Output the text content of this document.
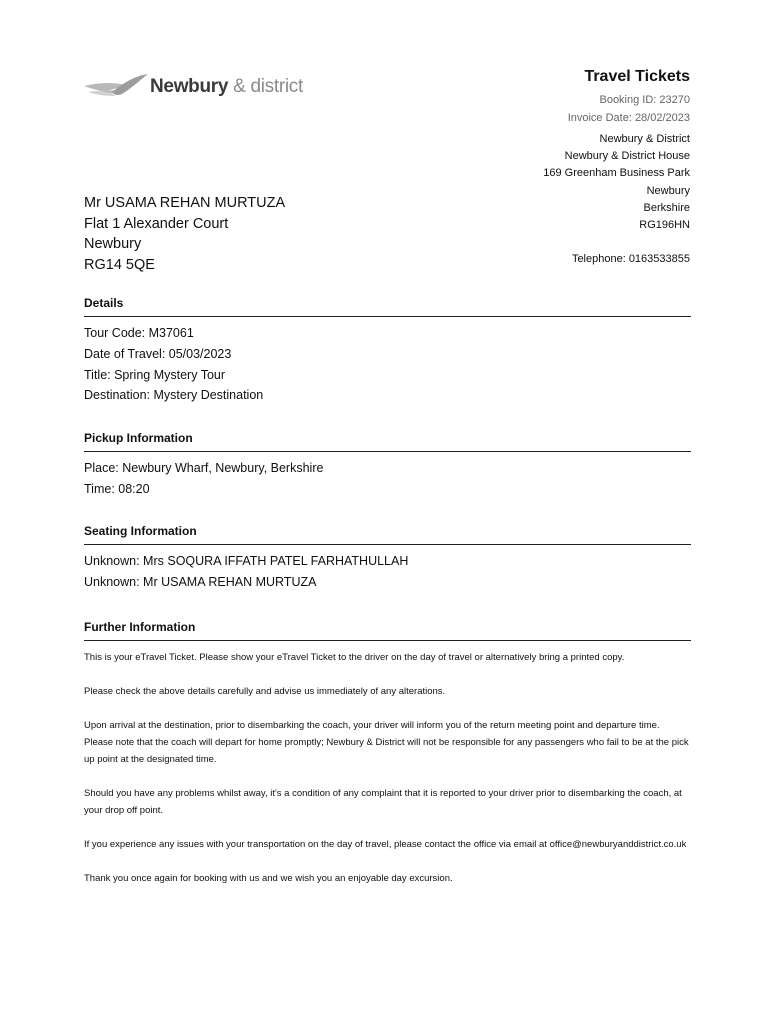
Newbury & district	Travel Tickets
Booking ID: 23270
Invoice Date: 28/02/2023
Newbury & District
Newbury & District House
169 Greenham Business Park
Newbury
Berkshire
RG196HN
Telephone: 0163533855
Mr USAMA REHAN MURTUZA
Flat 1 Alexander Court
Newbury
RG14 5QE
Details
Tour Code: M37061
Date of Travel: 05/03/2023
Title: Spring Mystery Tour
Destination: Mystery Destination
Pickup Information
Place: Newbury Wharf, Newbury, Berkshire
Time: 08:20
Seating Information
Unknown: Mrs SOQURA IFFATH PATEL FARHATHULLAH
Unknown: Mr USAMA REHAN MURTUZA
Further Information

This is your eTravel Ticket. Please show your eTravel Ticket to the driver on the day of travel or alternatively bring a printed copy.

Please check the above details carefully and advise us immediately of any alterations.

Upon arrival at the destination, prior to disembarking the coach, your driver will inform you of the return meeting point and departure time. Please note that the coach will depart for home promptly; Newbury & District will not be responsible for any passengers who fail to be at the pick up point at the designated time.

Should you have any problems whilst away, it's a condition of any complaint that it is reported to your driver prior to disembarking the coach, at your drop off point.

If you experience any issues with your transportation on the day of travel, please contact the office via email at office@newburyanddistrict.co.uk

Thank you once again for booking with us and we wish you an enjoyable day excursion.
